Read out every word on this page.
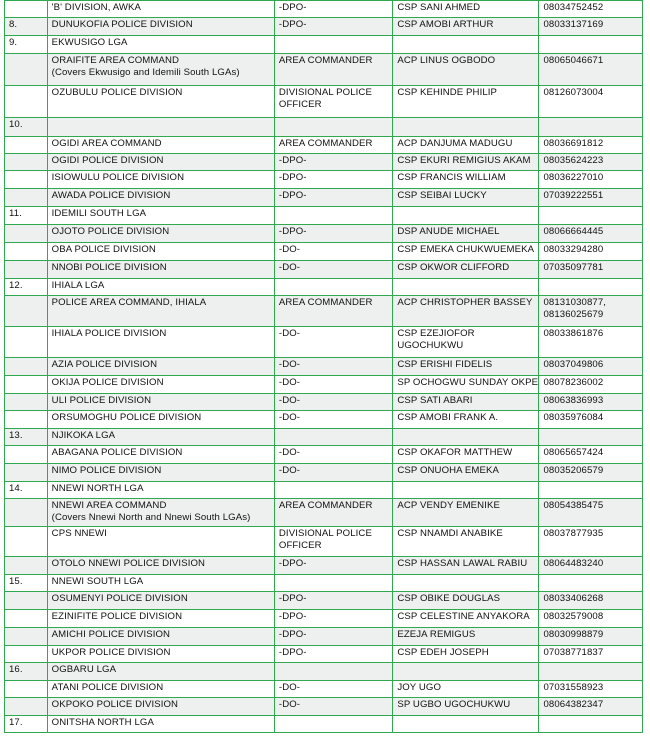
	'B' DIVISION, AWKA	-DPO-	CSP SANI AHMED	08034752452

8.	DUNUKOFIA POLICE DIVISION	-DPO-	CSP AMOBI ARTHUR	08033137169

9.	EKWUSIGO LGA			

	ORAIFITE AREA COMMAND
(Covers Ekwusigo and Idemili South LGAs)	AREA COMMANDER	ACP LINUS OGBODO	08065046671

	OZUBULU POLICE DIVISION	DIVISIONAL POLICE
OFFICER	CSP KEHINDE PHILIP	08126073004

10.	

	OGIDI AREA COMMAND	AREA COMMANDER	ACP DANJUMA MADUGU	08036691812

	OGIDI POLICE DIVISION	-DPO-	CSP EKURI REMIGIUS AKAM	08035624223

	ISIOWULU POLICE DIVISION	-DPO-	CSP FRANCIS WILLIAM	08036227010

	AWADA POLICE DIVISION	-DPO-	CSP SEIBAI LUCKY	07039222551

11.	IDEMILI SOUTH LGA			

	OJOTO POLICE DIVISION	-DPO-	DSP ANUDE MICHAEL	08066664445

	OBA POLICE DIVISION	-DO-	CSP EMEKA CHUKWUEMEKA	08033294280

	NNOBI POLICE DIVISION	-DO-	CSP OKWOR CLIFFORD	07035097781

12.	IHIALA LGA			

	POLICE AREA COMMAND, IHIALA	AREA COMMANDER	ACP CHRISTOPHER BASSEY	08131030877,
08136025679

	IHIALA POLICE DIVISION	-DO-	CSP EZEJIOFOR
UGOCHUKWU	08033861876

	AZIA POLICE DIVISION	-DO-	CSP ERISHI FIDELIS	08037049806

	OKIJA POLICE DIVISION	-DO-	SP OCHOGWU SUNDAY OKPE	08078236002

	ULI POLICE DIVISION	-DO-	CSP SATI ABARI	08063836993

	ORSUMOGHU POLICE DIVISION	-DO-	CSP AMOBI FRANK A.	08035976084

13.	NJIKOKA LGA			

	ABAGANA POLICE DIVISION	-DO-	CSP OKAFOR MATTHEW	08065657424

	NIMO POLICE DIVISION	-DO-	CSP ONUOHA EMEKA	08035206579

14.	NNEWI NORTH LGA			

	NNEWI AREA COMMAND
(Covers Nnewi North and Nnewi South LGAs)	AREA COMMANDER	ACP VENDY EMENIKE	08054385475

	CPS NNEWI	DIVISIONAL POLICE
OFFICER	CSP NNAMDI ANABIKE	08037877935

	OTOLO NNEWI POLICE DIVISION	-DPO-	CSP HASSAN LAWAL RABIU	08064483240

15.	NNEWI SOUTH LGA			

	OSUMENYI POLICE DIVISION	-DPO-	CSP OBIKE DOUGLAS	08033406268

	EZINIFITE POLICE DIVISION	-DPO-	CSP CELESTINE ANYAKORA	08032579008

	AMICHI POLICE DIVISION	-DPO-	EZEJA REMIGUS	08030998879

	UKPOR POLICE DIVISION	-DPO-	CSP EDEH JOSEPH	07038771837

16.	OGBARU LGA			

	ATANI POLICE DIVISION	-DO-	JOY UGO	07031558923

	OKPOKO POLICE DIVISION	-DO-	SP UGBO UGOCHUKWU	08064382347

17.	ONITSHA NORTH LGA			
